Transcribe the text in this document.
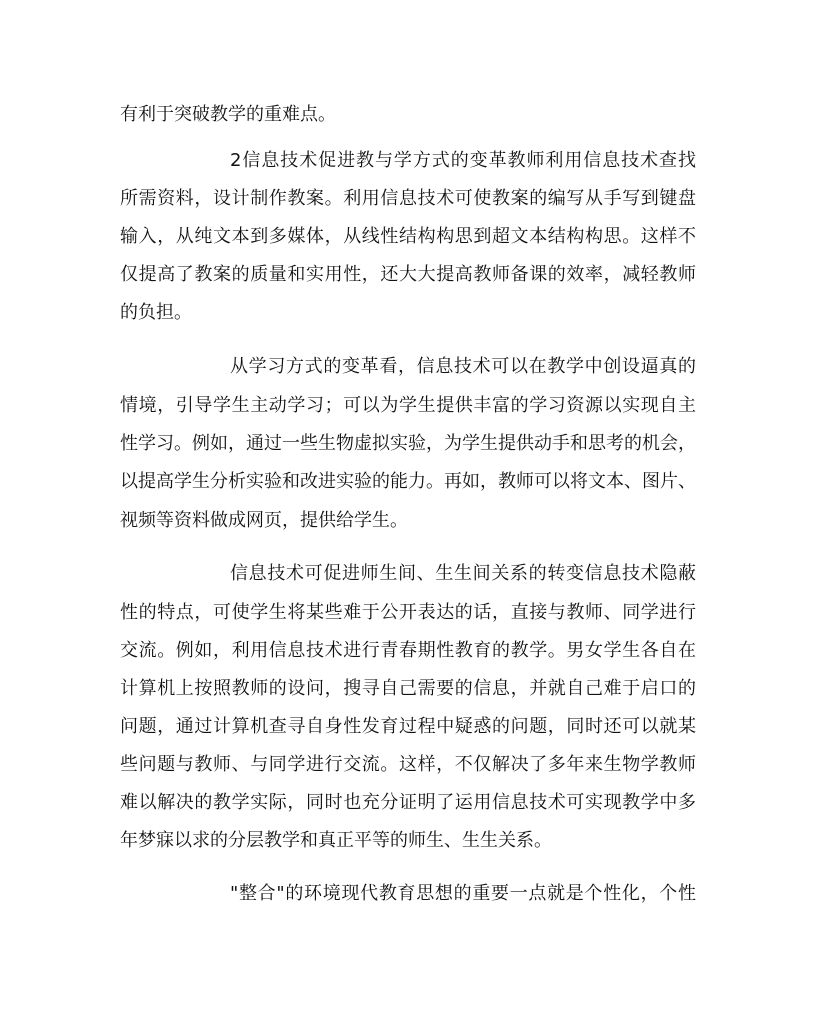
有利于突破教学的重难点。
2信息技术促进教与学方式的变革教师利用信息技术查找
所需资料，设计制作教案。利用信息技术可使教案的编写从手写到键盘
输入，从纯文本到多媒体，从线性结构构思到超文本结构构思。这样不
仅提高了教案的质量和实用性，还大大提高教师备课的效率，减轻教师
的负担。
从学习方式的变革看，信息技术可以在教学中创设逼真的
情境，引导学生主动学习；可以为学生提供丰富的学习资源以实现自主
性学习。例如，通过一些生物虚拟实验，为学生提供动手和思考的机会，
以提高学生分析实验和改进实验的能力。再如，教师可以将文本、图片、
视频等资料做成网页，提供给学生。
信息技术可促进师生间、生生间关系的转变信息技术隐蔽
性的特点，可使学生将某些难于公开表达的话，直接与教师、同学进行
交流。例如，利用信息技术进行青春期性教育的教学。男女学生各自在
计算机上按照教师的设问，搜寻自己需要的信息，并就自己难于启口的
问题，通过计算机查寻自身性发育过程中疑惑的问题，同时还可以就某
些问题与教师、与同学进行交流。这样，不仅解决了多年来生物学教师
难以解决的教学实际，同时也充分证明了运用信息技术可实现教学中多
年梦寐以求的分层教学和真正平等的师生、生生关系。
"整合"的环境现代教育思想的重要一点就是个性化，个性
